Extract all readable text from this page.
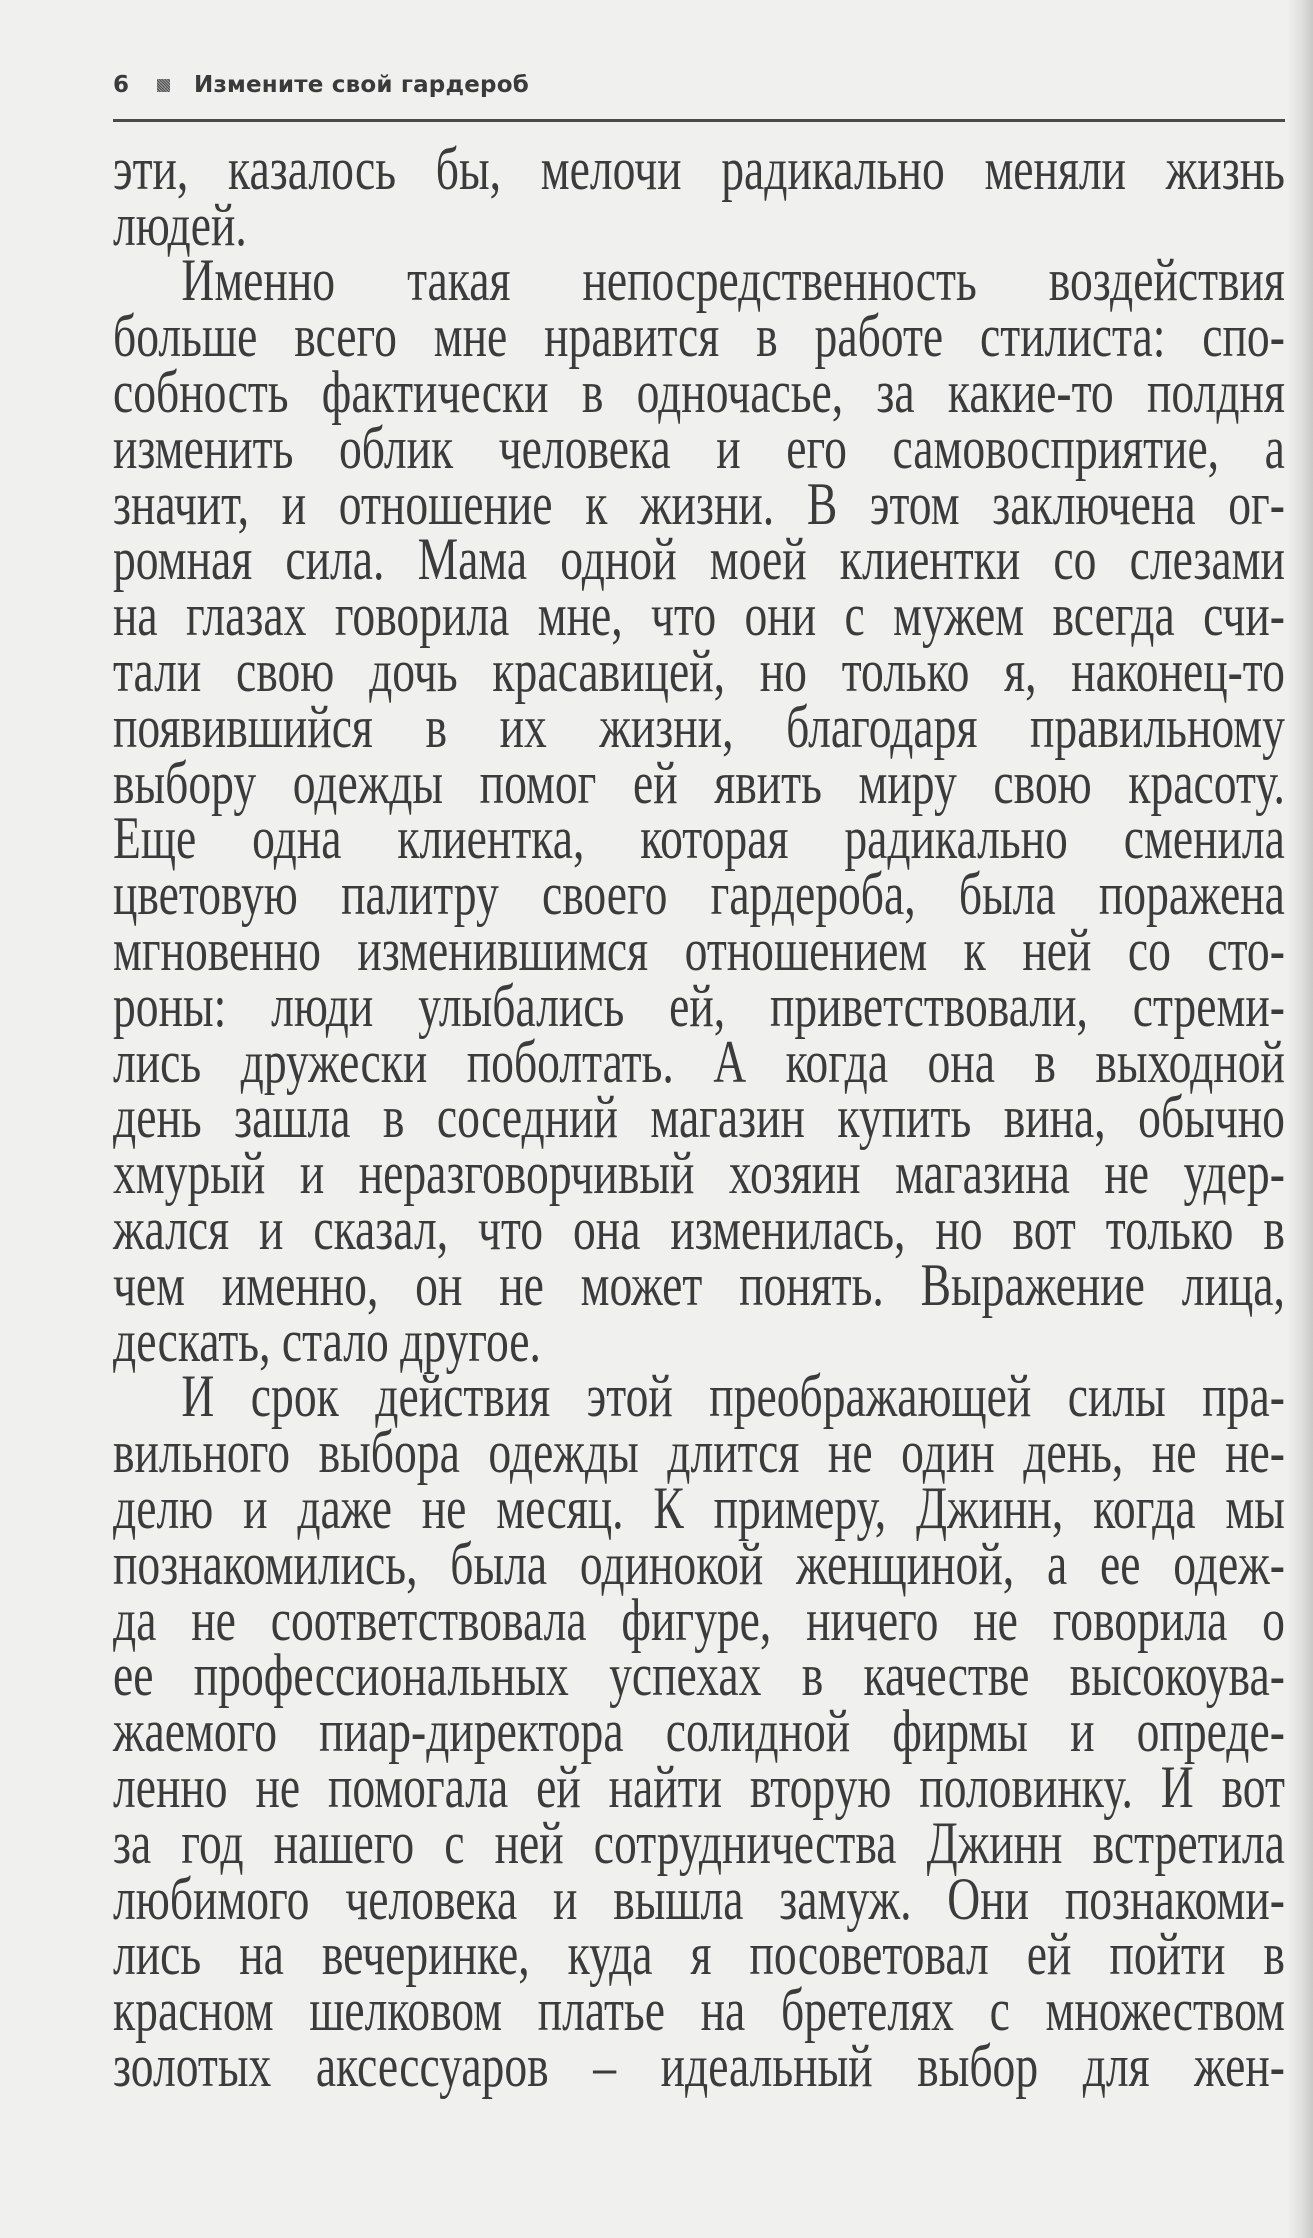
6	Измените свой гардероб
эти, казалось бы, мелочи радикально меняли жизнь
людей.
Именно такая непосредственность воздействия
больше всего мне нравится в работе стилиста: спо-
собность фактически в одночасье, за какие-то полдня
изменить облик человека и его самовосприятие, а
значит, и отношение к жизни. В этом заключена ог-
ромная сила. Мама одной моей клиентки со слезами
на глазах говорила мне, что они с мужем всегда счи-
тали свою дочь красавицей, но только я, наконец-то
появившийся в их жизни, благодаря правильному
выбору одежды помог ей явить миру свою красоту.
Еще одна клиентка, которая радикально сменила
цветовую палитру своего гардероба, была поражена
мгновенно изменившимся отношением к ней со сто-
роны: люди улыбались ей, приветствовали, стреми-
лись дружески поболтать. А когда она в выходной
день зашла в соседний магазин купить вина, обычно
хмурый и неразговорчивый хозяин магазина не удер-
жался и сказал, что она изменилась, но вот только в
чем именно, он не может понять. Выражение лица,
дескать, стало другое.
И срок действия этой преображающей силы пра-
вильного выбора одежды длится не один день, не не-
делю и даже не месяц. К примеру, Джинн, когда мы
познакомились, была одинокой женщиной, а ее одеж-
да не соответствовала фигуре, ничего не говорила о
ее профессиональных успехах в качестве высокоува-
жаемого пиар-директора солидной фирмы и опреде-
ленно не помогала ей найти вторую половинку. И вот
за год нашего с ней сотрудничества Джинн встретила
любимого человека и вышла замуж. Они познакоми-
лись на вечеринке, куда я посоветовал ей пойти в
красном шелковом платье на бретелях с множеством
золотых аксессуаров – идеальный выбор для жен-
